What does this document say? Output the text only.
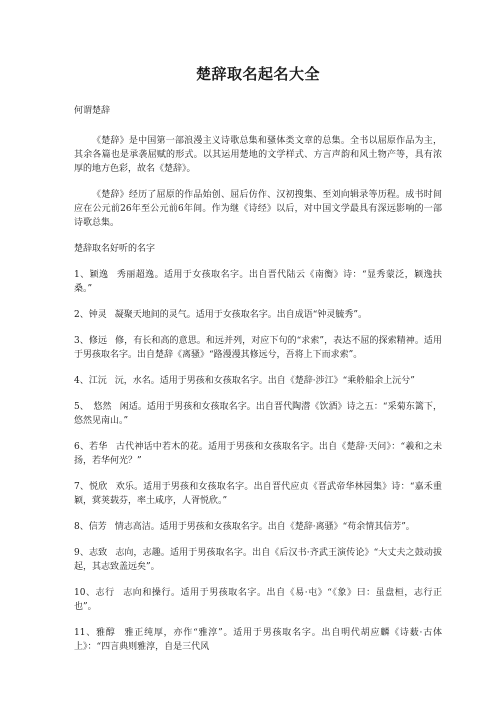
楚辞取名起名大全
何谓楚辞

《楚辞》是中国第一部浪漫主义诗歌总集和骚体类文章的总集。全书以屈原作品为主，其余各篇也是承袭屈赋的形式。以其运用楚地的文学样式、方言声韵和风土物产等，具有浓厚的地方色彩，故名《楚辞》。

《楚辞》经历了屈原的作品始创、屈后仿作、汉初搜集、至刘向辑录等历程。成书时间应在公元前26年至公元前6年间。作为继《诗经》以后，对中国文学最具有深远影响的一部诗歌总集。

楚辞取名好听的名字

1、颖逸 秀丽超逸。适用于女孩取名字。出自晋代陆云《南衡》诗：“显秀蒙泛，颖逸扶桑。”

2、钟灵 凝聚天地间的灵气。适用于女孩取名字。出自成语“钟灵毓秀”。

3、修远 修，有长和高的意思。和远并列，对应下句的“求索”，表达不屈的探索精神。适用于男孩取名字。出自楚辞《离骚》“路漫漫其修远兮，吾将上下而求索”。

4、江沅 沅，水名。适用于男孩和女孩取名字。出自《楚辞·涉江》“乘舲船余上沅兮”

5、　悠然 闲适。适用于男孩和女孩取名字。出自晋代陶潜《饮酒》诗之五：“采菊东篱下，悠然见南山。”

6、若华 古代神话中若木的花。适用于男孩和女孩取名字。出自《楚辞·天问》：“羲和之未扬，若华何光？”

7、悦欣 欢乐。适用于男孩和女孩取名字。出自晋代应贞《晋武帝华林园集》诗：“嘉禾重颖，蓂荚载芬，率土咸序，人胥悦欣。”

8、信芳 情志高洁。适用于男孩和女孩取名字。出自《楚辞·离骚》“苟余情其信芳”。

9、志致 志向，志趣。适用于男孩取名字。出自《后汉书·齐武王演传论》“大丈夫之鼓动拔起，其志致盖远矣”。

10、志行 志向和操行。适用于男孩取名字。出自《易·屯》“《象》曰：虽盘桓，志行正也”。

11、雅醇 雅正纯厚，亦作“雅淳”。适用于男孩取名字。出自明代胡应麟《诗薮·古体上》：“四言典则雅淳，自是三代风
